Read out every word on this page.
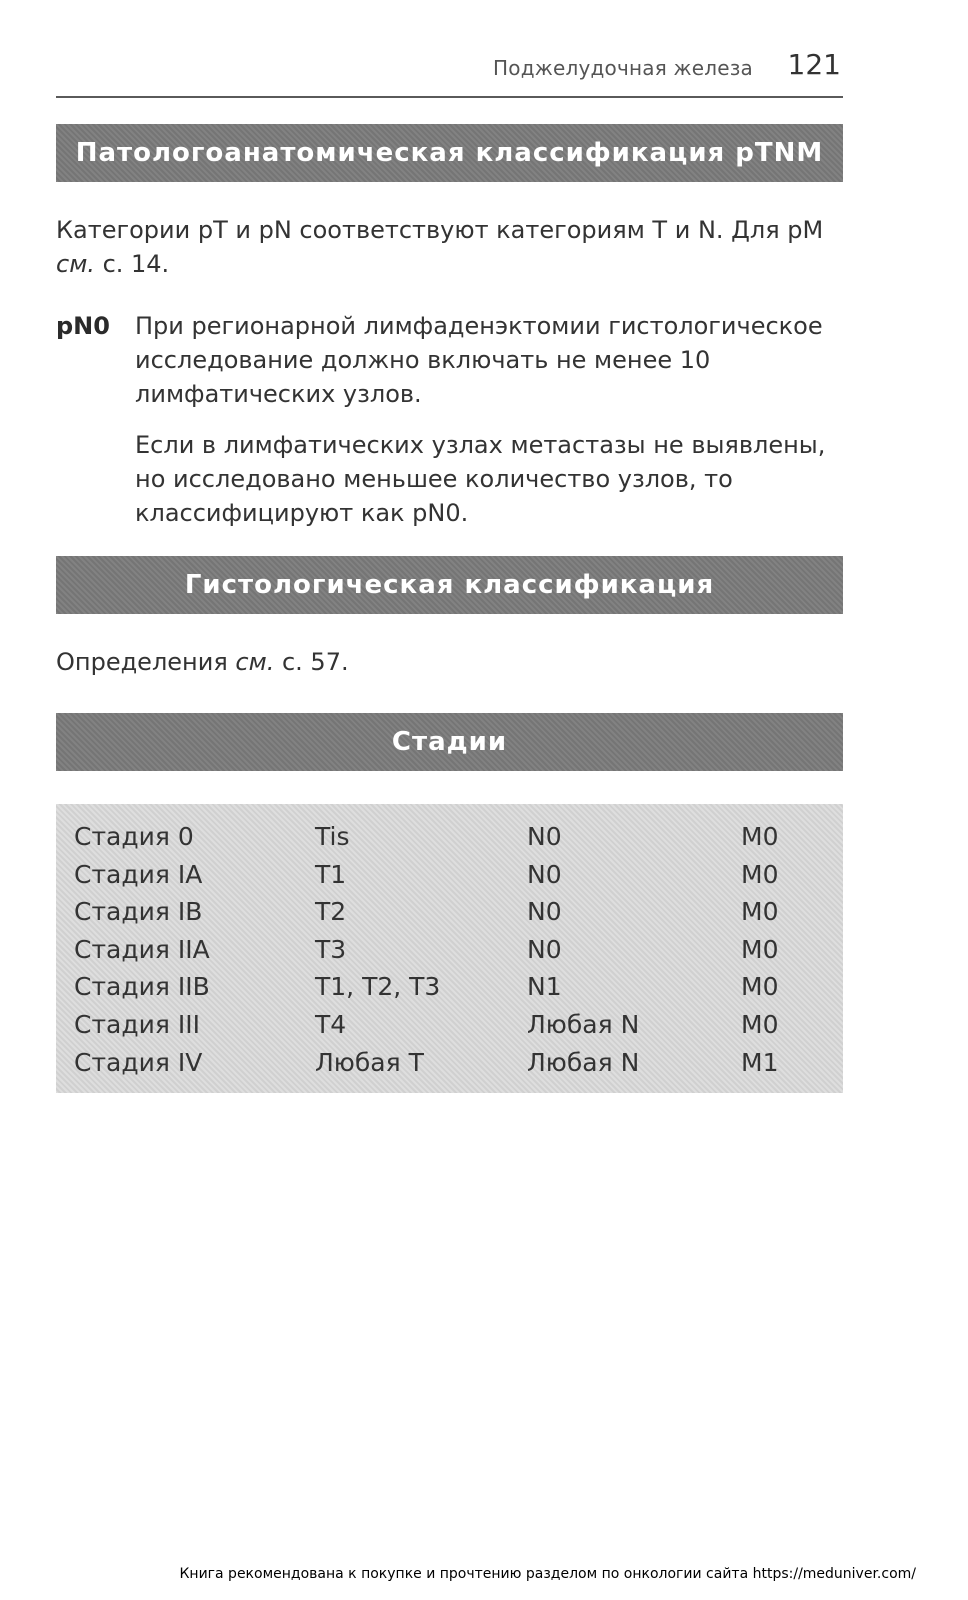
Поджелудочная железа 121
Патологоанатомическая классификация pTNM
Категории pT и pN соответствуют категориям T и N. Для pM см. с. 14.
pN0 При регионарной лимфаденэктомии гистологическое исследование должно включать не менее 10 лимфатических узлов.
Если в лимфатических узлах метастазы не выявлены, но исследовано меньшее количество узлов, то классифицируют как pN0.
Гистологическая классификация
Определения см. с. 57.
Стадии
Стадия 0	Tis	N0	M0
Стадия IA	T1	N0	M0
Стадия IB	T2	N0	M0
Стадия IIA	T3	N0	M0
Стадия IIB	T1, T2, T3	N1	M0
Стадия III	T4	Любая N	M0
Стадия IV	Любая T	Любая N	M1
Книга рекомендована к покупке и прочтению разделом по онкологии сайта https://meduniver.com/
